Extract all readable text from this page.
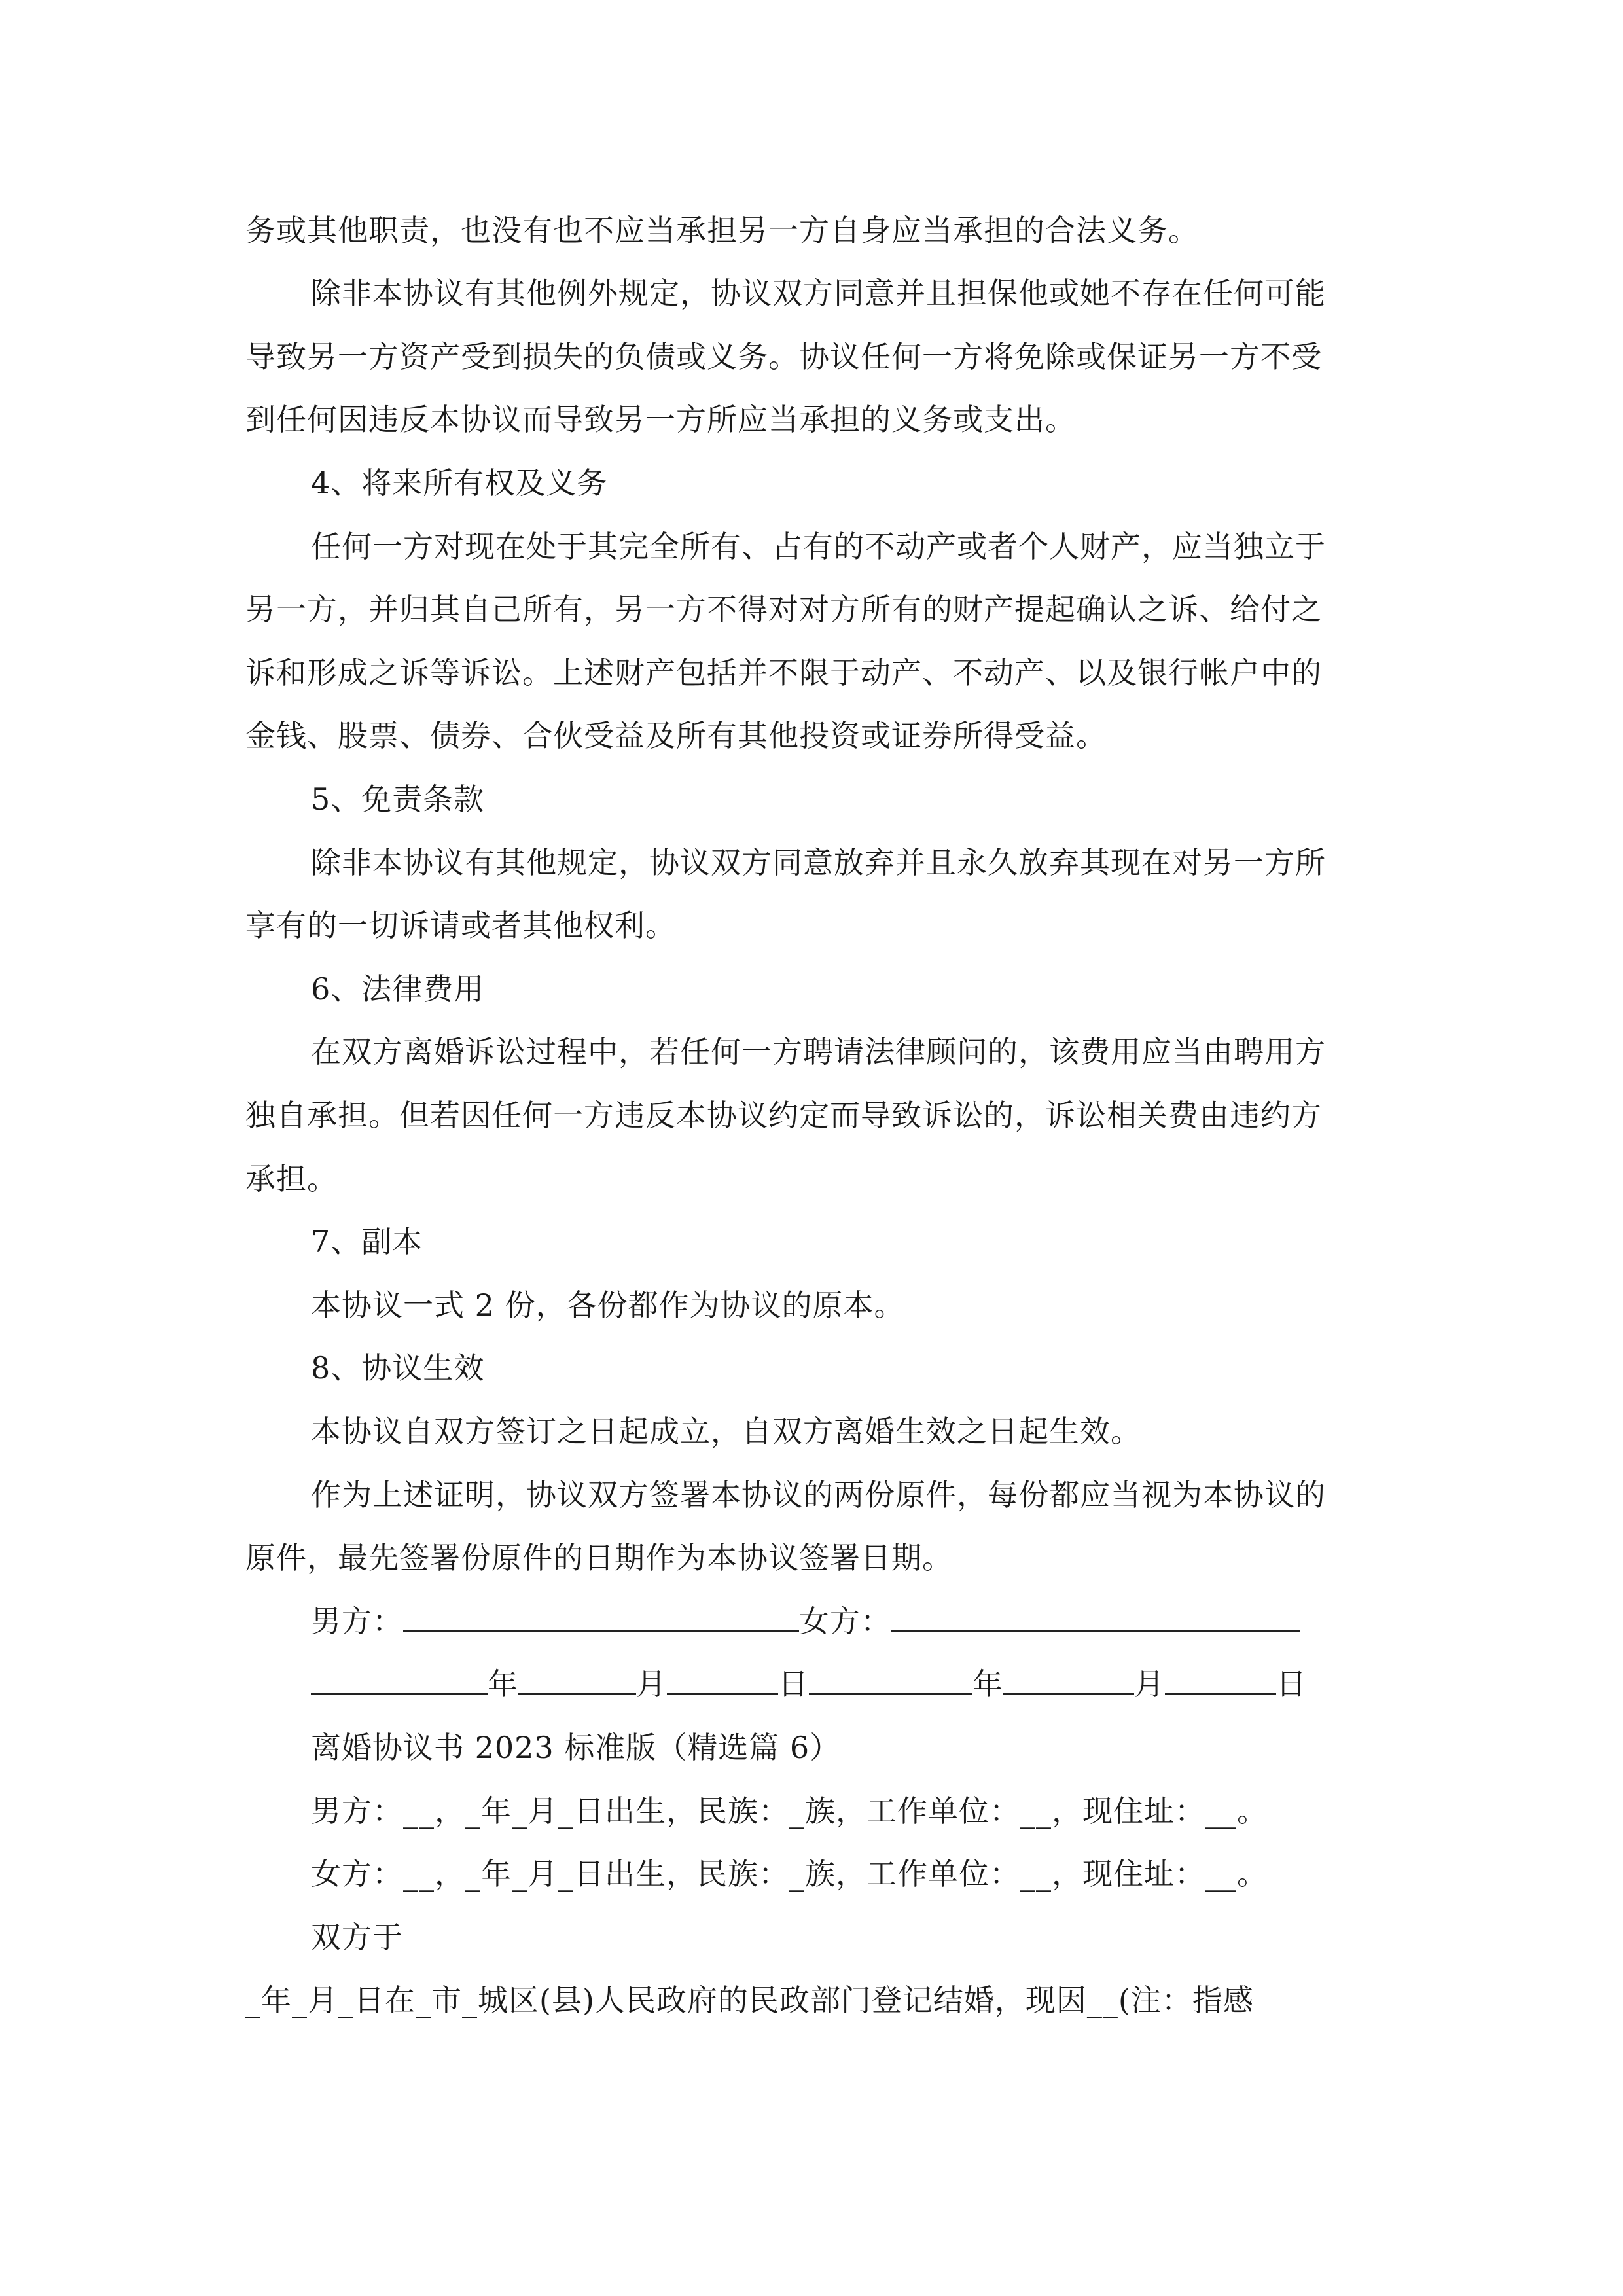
务或其他职责，也没有也不应当承担另一方自身应当承担的合法义务。
除非本协议有其他例外规定，协议双方同意并且担保他或她不存在任何可能
导致另一方资产受到损失的负债或义务。协议任何一方将免除或保证另一方不受
到任何因违反本协议而导致另一方所应当承担的义务或支出。
4、将来所有权及义务
任何一方对现在处于其完全所有、占有的不动产或者个人财产，应当独立于
另一方，并归其自己所有，另一方不得对对方所有的财产提起确认之诉、给付之
诉和形成之诉等诉讼。上述财产包括并不限于动产、不动产、以及银行帐户中的
金钱、股票、债券、合伙受益及所有其他投资或证券所得受益。
5、免责条款
除非本协议有其他规定，协议双方同意放弃并且永久放弃其现在对另一方所
享有的一切诉请或者其他权利。
6、法律费用
在双方离婚诉讼过程中，若任何一方聘请法律顾问的，该费用应当由聘用方
独自承担。但若因任何一方违反本协议约定而导致诉讼的，诉讼相关费由违约方
承担。
7、副本
本协议一式 2 份，各份都作为协议的原本。
8、协议生效
本协议自双方签订之日起成立，自双方离婚生效之日起生效。
作为上述证明，协议双方签署本协议的两份原件，每份都应当视为本协议的
原件，最先签署份原件的日期作为本协议签署日期。
男方：	女方：
年	月	日	年	月	日
离婚协议书 2023 标准版（精选篇 6）
男方：__，_年_月_日出生，民族：_族，工作单位：__，现住址：__。
女方：__，_年_月_日出生，民族：_族，工作单位：__，现住址：__。
双方于
_年_月_日在_市_城区(县)人民政府的民政部门登记结婚，现因__(注：指感
